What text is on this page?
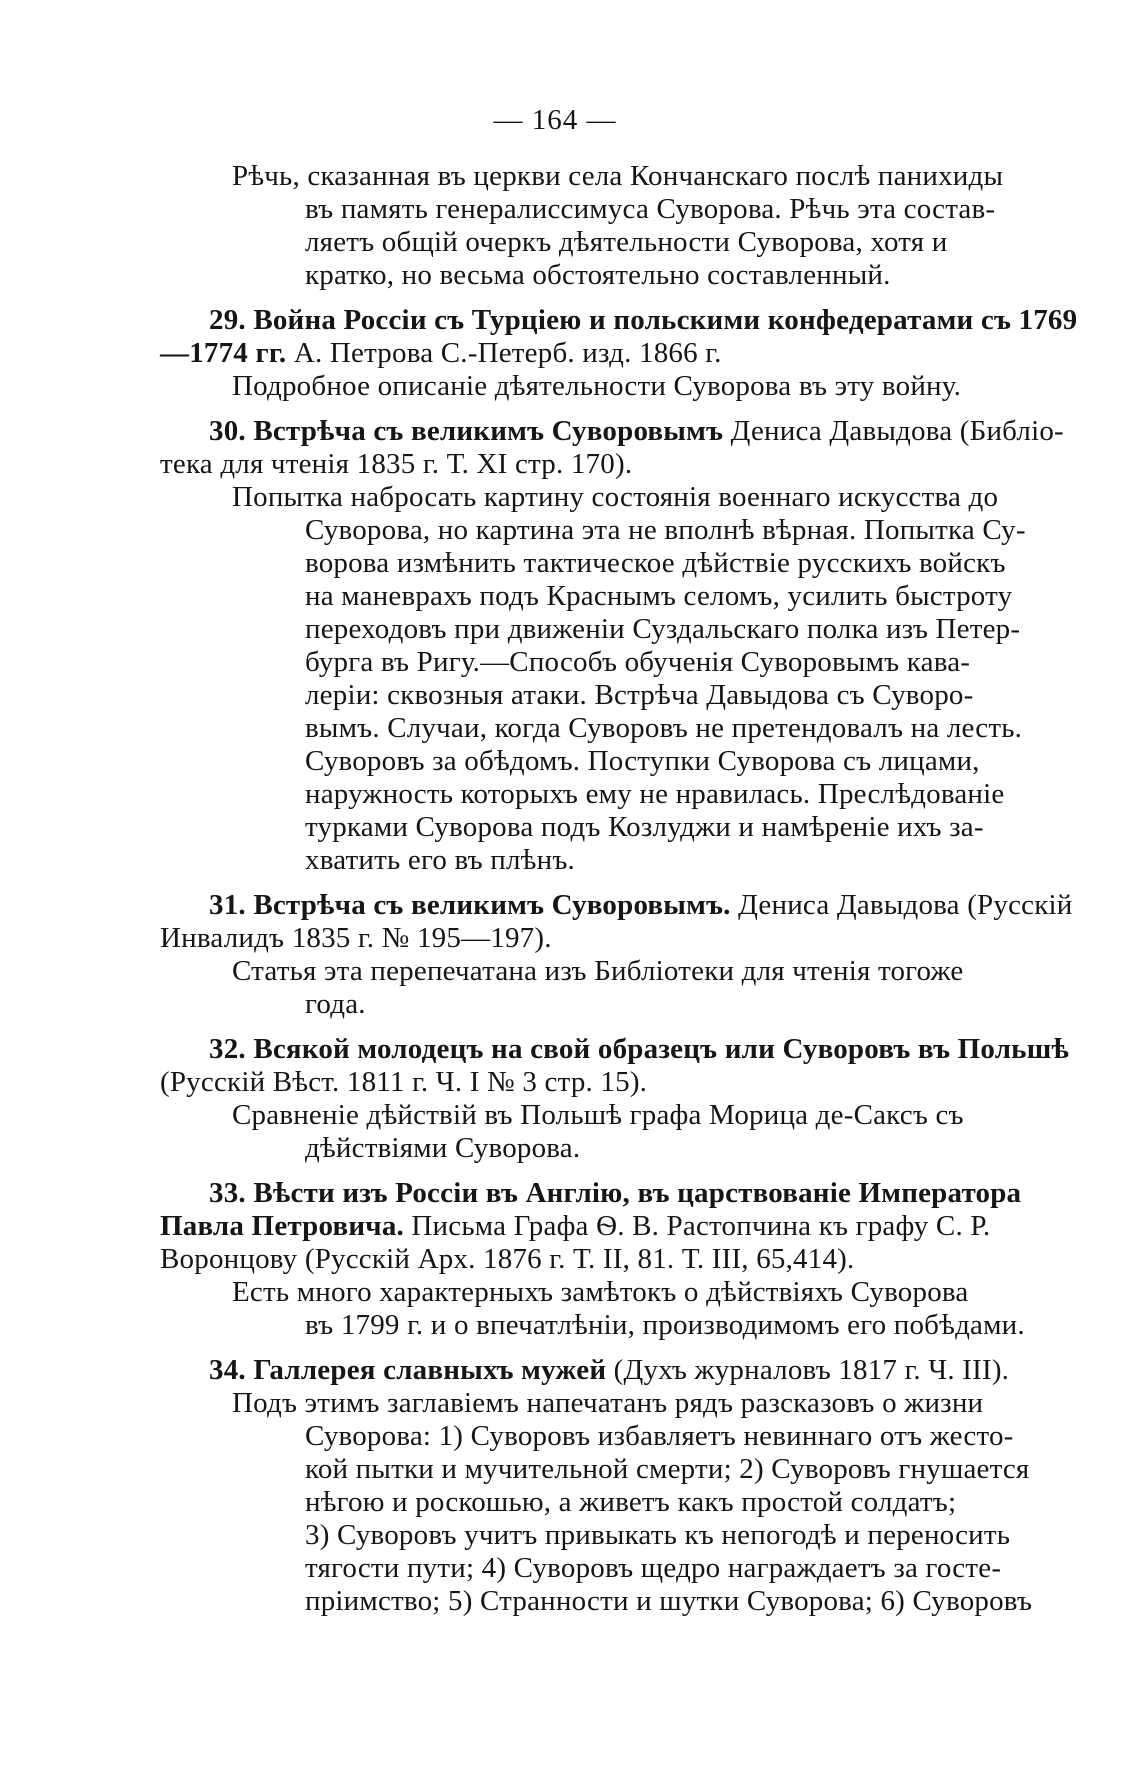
— 164 —
Рѣчь, сказанная въ церкви села Кончанскаго послѣ панихиды
въ память генералиссимуса Суворова. Рѣчь эта состав-
ляетъ общій очеркъ дѣятельности Суворова, хотя и
кратко, но весьма обстоятельно составленный.
29. Война Россіи съ Турціею и польскими конфедератами съ 1769
—1774 гг. А. Петрова С.-Петерб. изд. 1866 г.
Подробное описаніе дѣятельности Суворова въ эту войну.
30. Встрѣча съ великимъ Суворовымъ Дениса Давыдова (Библіо-
тека для чтенія 1835 г. Т. XI стр. 170).
Попытка набросать картину состоянія военнаго искусства до
Суворова, но картина эта не вполнѣ вѣрная. Попытка Су-
ворова измѣнить тактическое дѣйствіе русскихъ войскъ
на маневрахъ подъ Краснымъ селомъ, усилить быстроту
переходовъ при движеніи Суздальскаго полка изъ Петер-
бурга въ Ригу.—Способъ обученія Суворовымъ кава-
леріи: сквозныя атаки. Встрѣча Давыдова съ Суворо-
вымъ. Случаи, когда Суворовъ не претендовалъ на лесть.
Суворовъ за обѣдомъ. Поступки Суворова съ лицами,
наружность которыхъ ему не нравилась. Преслѣдованіе
турками Суворова подъ Козлуджи и намѣреніе ихъ за-
хватить его въ плѣнъ.
31. Встрѣча съ великимъ Суворовымъ. Дениса Давыдова (Русскій
Инвалидъ 1835 г. № 195—197).
Статья эта перепечатана изъ Библіотеки для чтенія тогоже
года.
32. Всякой молодецъ на свой образецъ или Суворовъ въ Польшѣ
(Русскій Вѣст. 1811 г. Ч. I № 3 стр. 15).
Сравненіе дѣйствій въ Польшѣ графа Морица де-Саксъ съ
дѣйствіями Суворова.
33. Вѣсти изъ Россіи въ Англію, въ царствованіе Императора
Павла Петровича. Письма Графа Ѳ. В. Растопчина къ графу С. Р.
Воронцову (Русскій Арх. 1876 г. Т. II, 81. Т. III, 65,414).
Есть много характерныхъ замѣтокъ о дѣйствіяхъ Суворова
въ 1799 г. и о впечатлѣніи, производимомъ его побѣдами.
34. Галлерея славныхъ мужей (Духъ журналовъ 1817 г. Ч. III).
Подъ этимъ заглавіемъ напечатанъ рядъ разсказовъ о жизни
Суворова: 1) Суворовъ избавляетъ невиннаго отъ жесто-
кой пытки и мучительной смерти; 2) Суворовъ гнушается
нѣгою и роскошью, а живетъ какъ простой солдатъ;
3) Суворовъ учитъ привыкать къ непогодѣ и переносить
тягости пути; 4) Суворовъ щедро награждаетъ за госте-
пріимство; 5) Странности и шутки Суворова; 6) Суворовъ
